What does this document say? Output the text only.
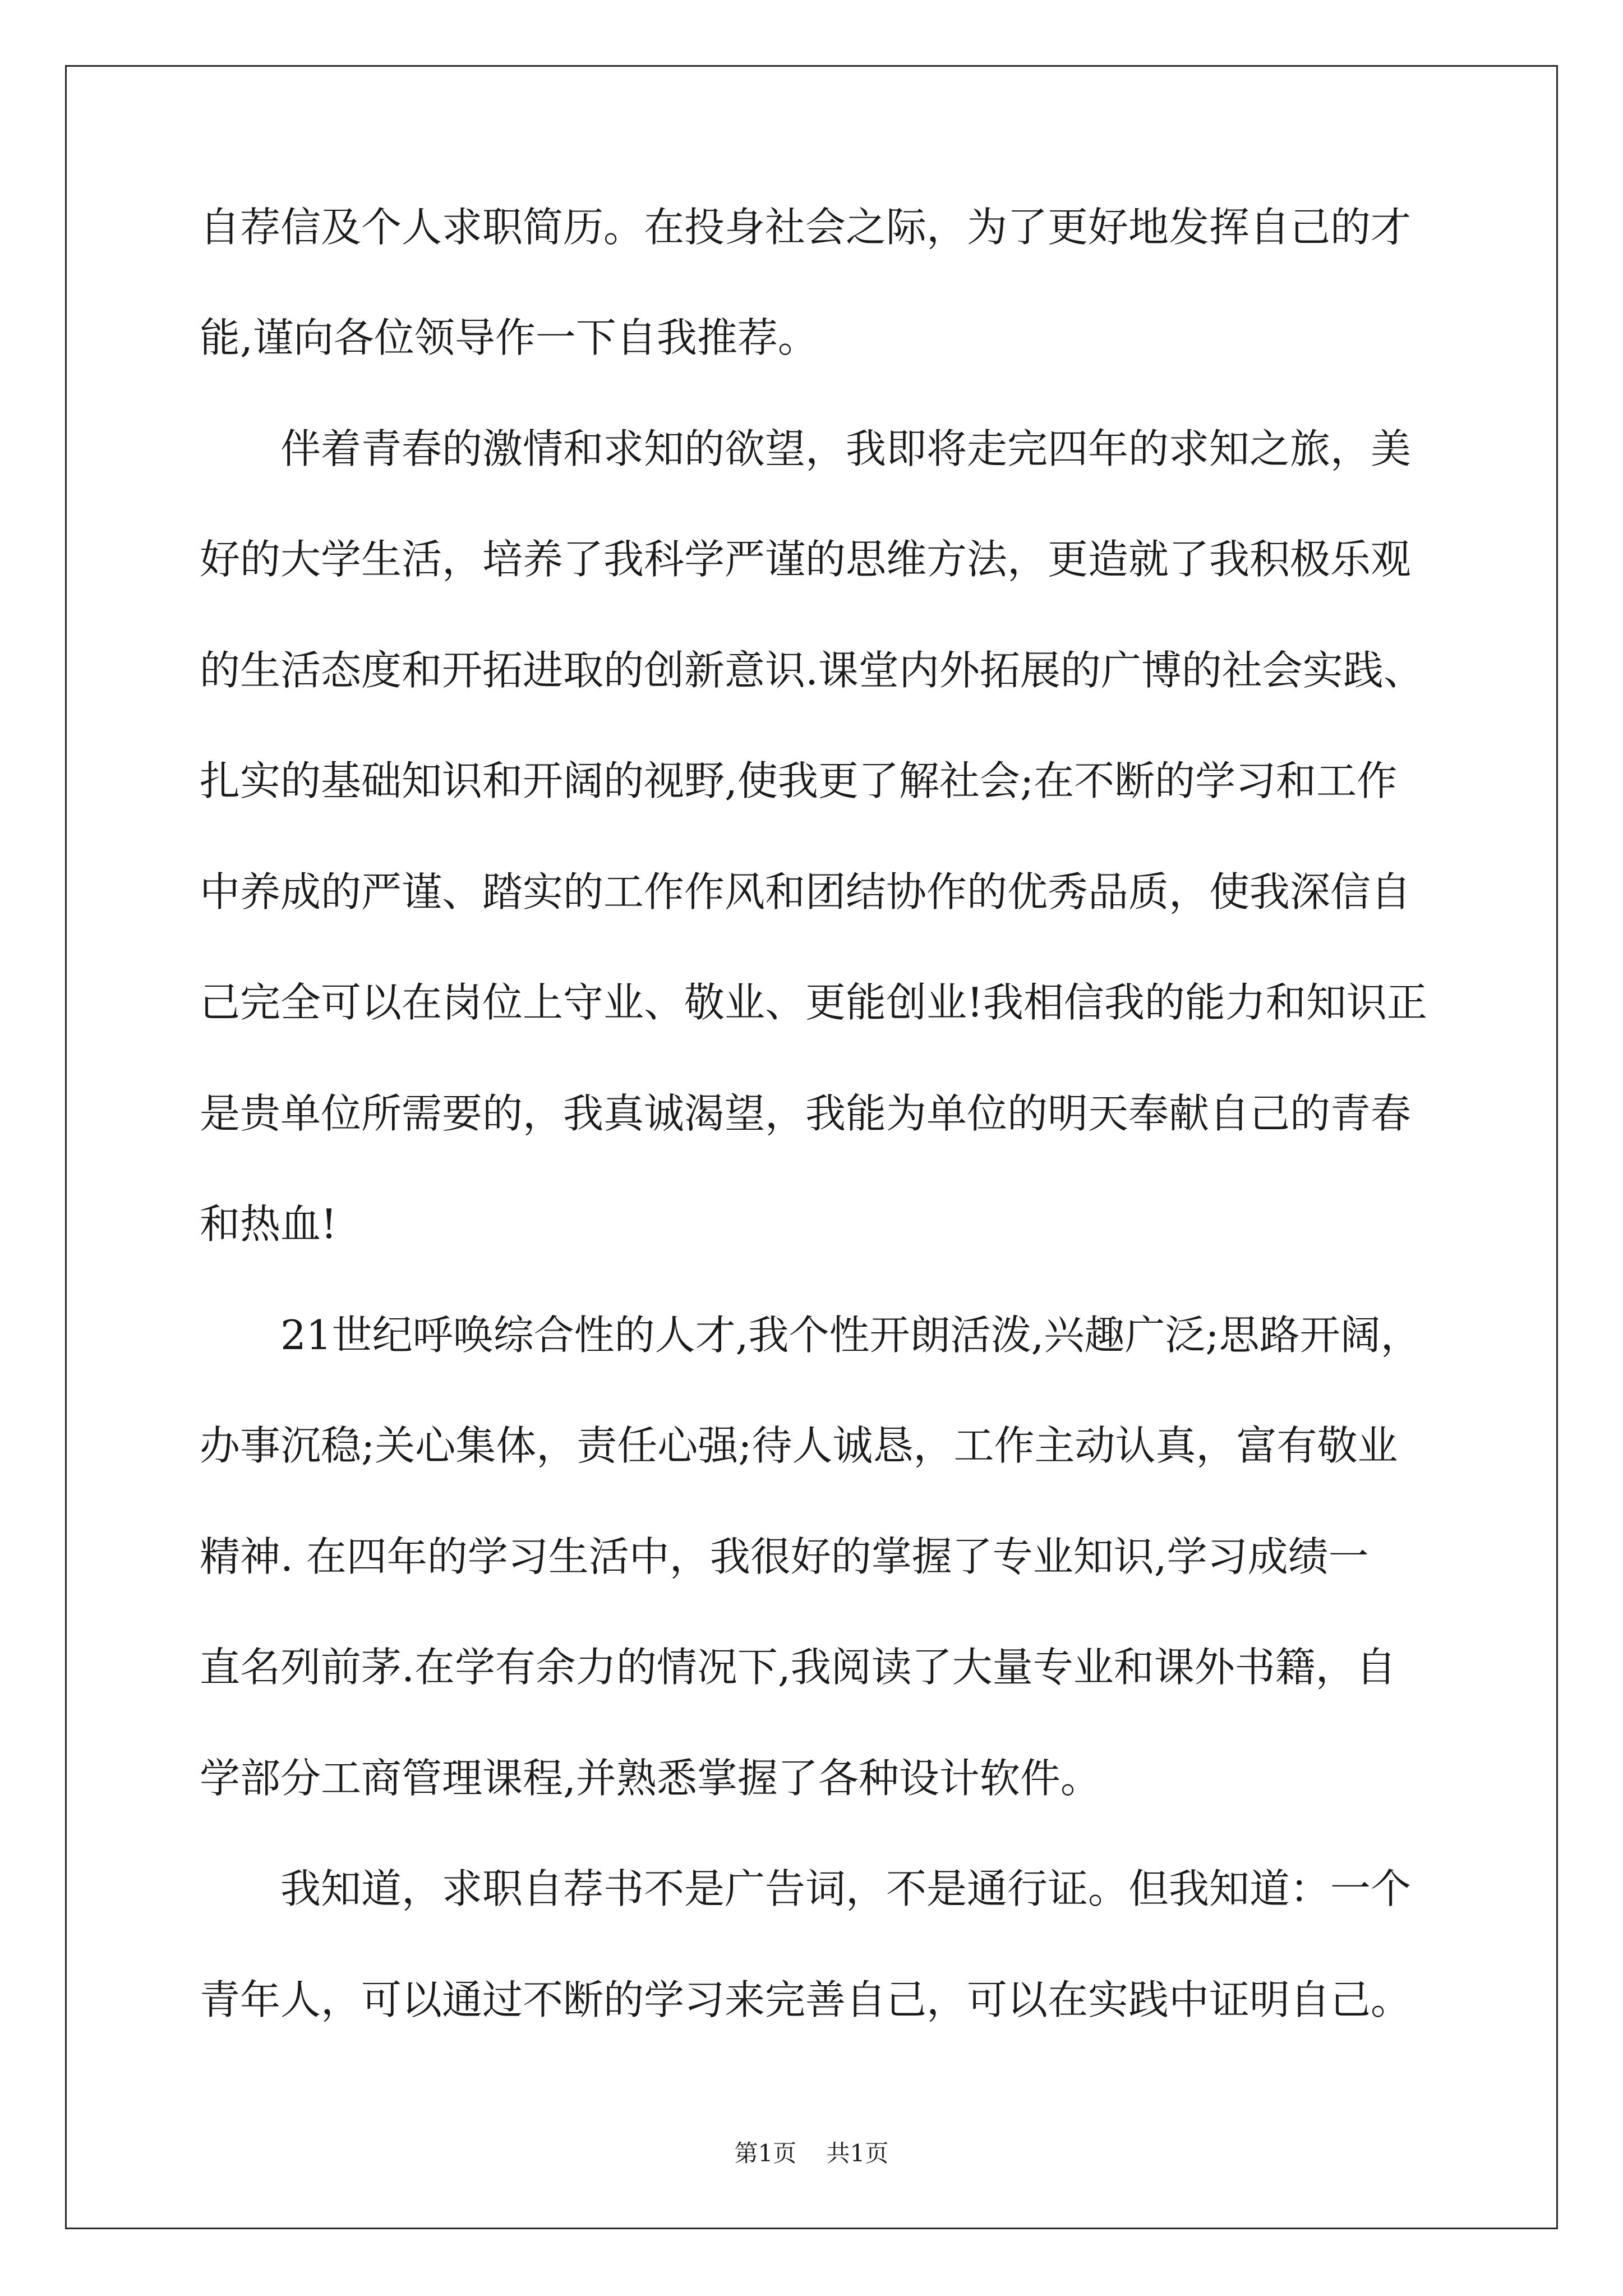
自荐信及个人求职简历。在投身社会之际，为了更好地发挥自己的才
能,谨向各位领导作一下自我推荐。
伴着青春的激情和求知的欲望，我即将走完四年的求知之旅，美
好的大学生活，培养了我科学严谨的思维方法，更造就了我积极乐观
的生活态度和开拓进取的创新意识.课堂内外拓展的广博的社会实践、
扎实的基础知识和开阔的视野,使我更了解社会;在不断的学习和工作
中养成的严谨、踏实的工作作风和团结协作的优秀品质，使我深信自
己完全可以在岗位上守业、敬业、更能创业!我相信我的能力和知识正
是贵单位所需要的，我真诚渴望，我能为单位的明天奉献自己的青春
和热血!
21世纪呼唤综合性的人才,我个性开朗活泼,兴趣广泛;思路开阔，
办事沉稳;关心集体，责任心强;待人诚恳，工作主动认真，富有敬业
精神. 在四年的学习生活中，我很好的掌握了专业知识,学习成绩一
直名列前茅.在学有余力的情况下,我阅读了大量专业和课外书籍，自
学部分工商管理课程,并熟悉掌握了各种设计软件。
我知道，求职自荐书不是广告词，不是通行证。但我知道：一个
青年人，可以通过不断的学习来完善自己，可以在实践中证明自己。
第1页    共1页
